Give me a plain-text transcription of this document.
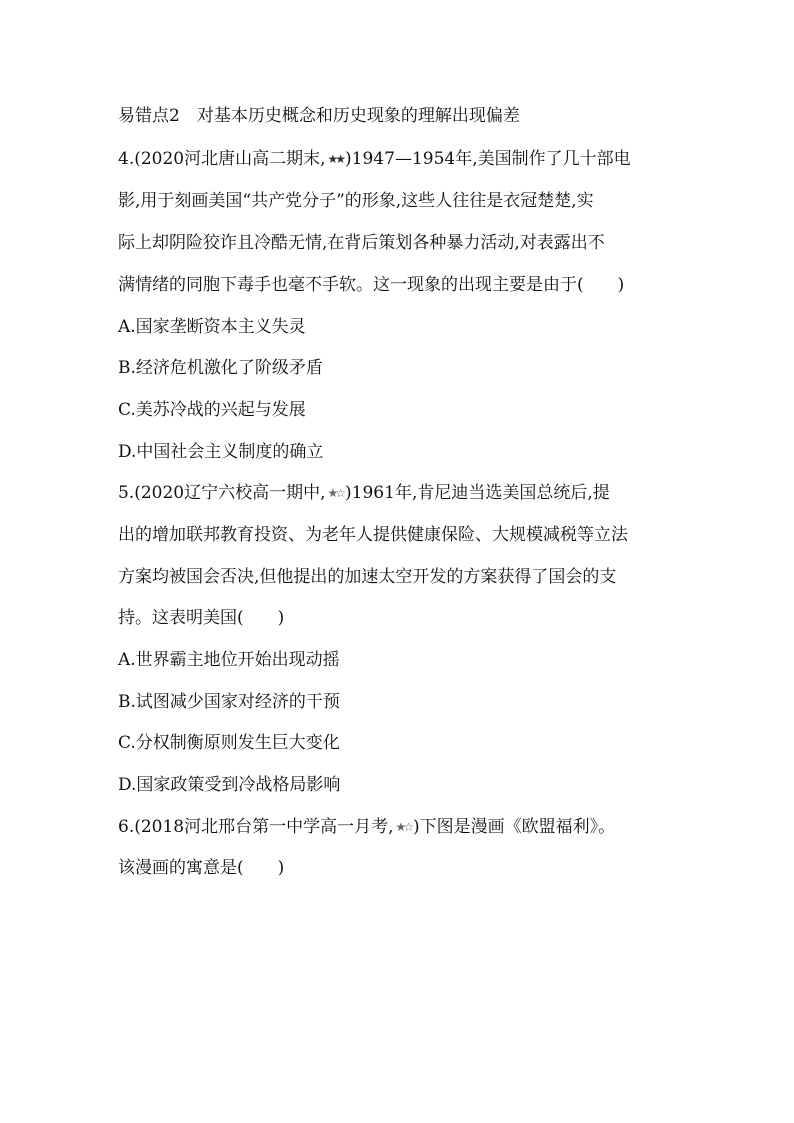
易错点2　对基本历史概念和历史现象的理解出现偏差
4.(2020河北唐山高二期末, ★★ )1947—1954年,美国制作了几十部电
影,用于刻画美国“共产党分子”的形象,这些人往往是衣冠楚楚,实
际上却阴险狡诈且冷酷无情,在背后策划各种暴力活动,对表露出不
满情绪的同胞下毒手也毫不手软。这一现象的出现主要是由于(　　)
A.国家垄断资本主义失灵
B.经济危机激化了阶级矛盾
C.美苏冷战的兴起与发展
D.中国社会主义制度的确立
5.(2020辽宁六校高一期中, ★☆ )1961年,肯尼迪当选美国总统后,提
出的增加联邦教育投资、为老年人提供健康保险、大规模减税等立法
方案均被国会否决,但他提出的加速太空开发的方案获得了国会的支
持。这表明美国(　　)
A.世界霸主地位开始出现动摇
B.试图减少国家对经济的干预
C.分权制衡原则发生巨大变化
D.国家政策受到冷战格局影响
6.(2018河北邢台第一中学高一月考, ★☆ )下图是漫画《欧盟福利》。
该漫画的寓意是(　　)
